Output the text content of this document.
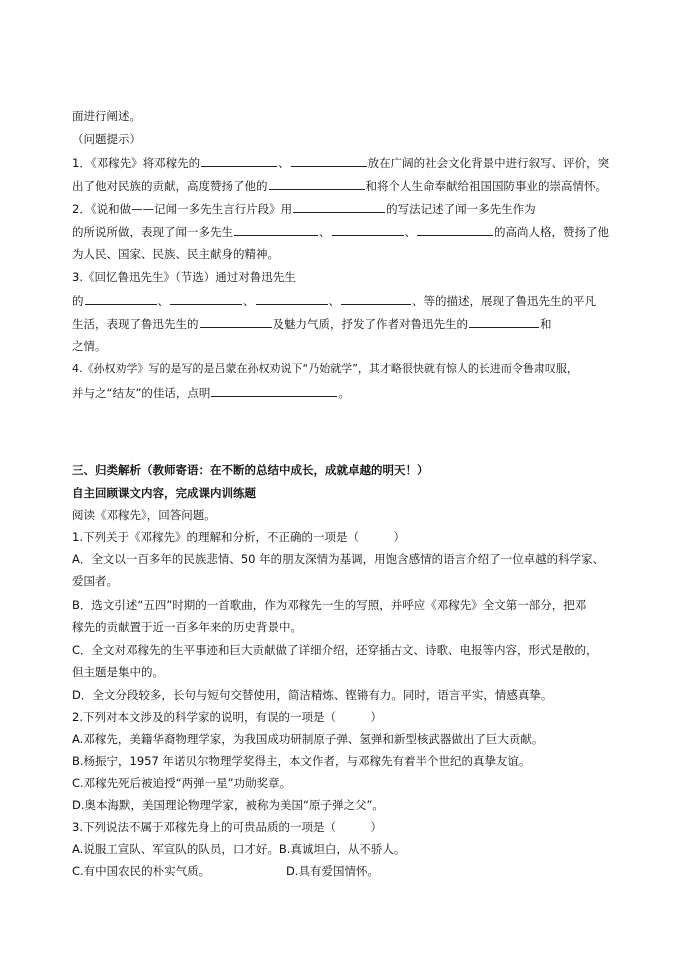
面进行阐述。
（问题提示）
1．《邓稼先》将邓稼先的	、	放在广阔的社会文化背景中进行叙写、评价，突
出了他对民族的贡献，高度赞扬了他的	和将个人生命奉献给祖国国防事业的崇高情怀。
2．《说和做——记闻一多先生言行片段》用	的写法记述了闻一多先生作为
的所说所做，表现了闻一多先生	、	、	的高尚人格，赞扬了他
为人民、国家、民族、民主献身的精神。
3.《回忆鲁迅先生》（节选）通过对鲁迅先生
的	、	、	、	、等的描述，展现了鲁迅先生的平凡
生活，表现了鲁迅先生的	及魅力气质，抒发了作者对鲁迅先生的	和
之情。
4.《孙权劝学》写的是写的是吕蒙在孙权劝说下“乃始就学”，其才略很快就有惊人的长进而令鲁肃叹服，
并与之“结友”的佳话，点明	。
三、归类解析（教师寄语：在不断的总结中成长，成就卓越的明天！）
自主回顾课文内容，完成课内训练题
阅读《邓稼先》，回答问题。
1.下列关于《邓稼先》的理解和分析，不正确的一项是（　　　）
A．全文以一百多年的民族悲情、50 年的朋友深情为基调，用饱含感情的语言介绍了一位卓越的科学家、
爱国者。
B．选文引述“五四”时期的一首歌曲，作为邓稼先一生的写照，并呼应《邓稼先》全文第一部分，把邓
稼先的贡献置于近一百多年来的历史背景中。
C．全文对邓稼先的生平事迹和巨大贡献做了详细介绍，还穿插古文、诗歌、电报等内容，形式是散的，
但主题是集中的。
D．全文分段较多，长句与短句交替使用，简洁精炼、铿锵有力。同时，语言平实，情感真挚。
2.下列对本文涉及的科学家的说明，有误的一项是（　　　）
A.邓稼先，美籍华裔物理学家，为我国成功研制原子弹、氢弹和新型核武器做出了巨大贡献。
B.杨振宁，1957 年诺贝尔物理学奖得主，本文作者，与邓稼先有着半个世纪的真挚友谊。
C.邓稼先死后被追授“两弹一星”功勋奖章。
D.奥本海默，美国理论物理学家，被称为美国“原子弹之父”。
3.下列说法不属于邓稼先身上的可贵品质的一项是（　　　）
A.说服工宣队、军宣队的队员，口才好。B.真诚坦白，从不骄人。
C.有中国农民的朴实气质。	D.具有爱国情怀。
